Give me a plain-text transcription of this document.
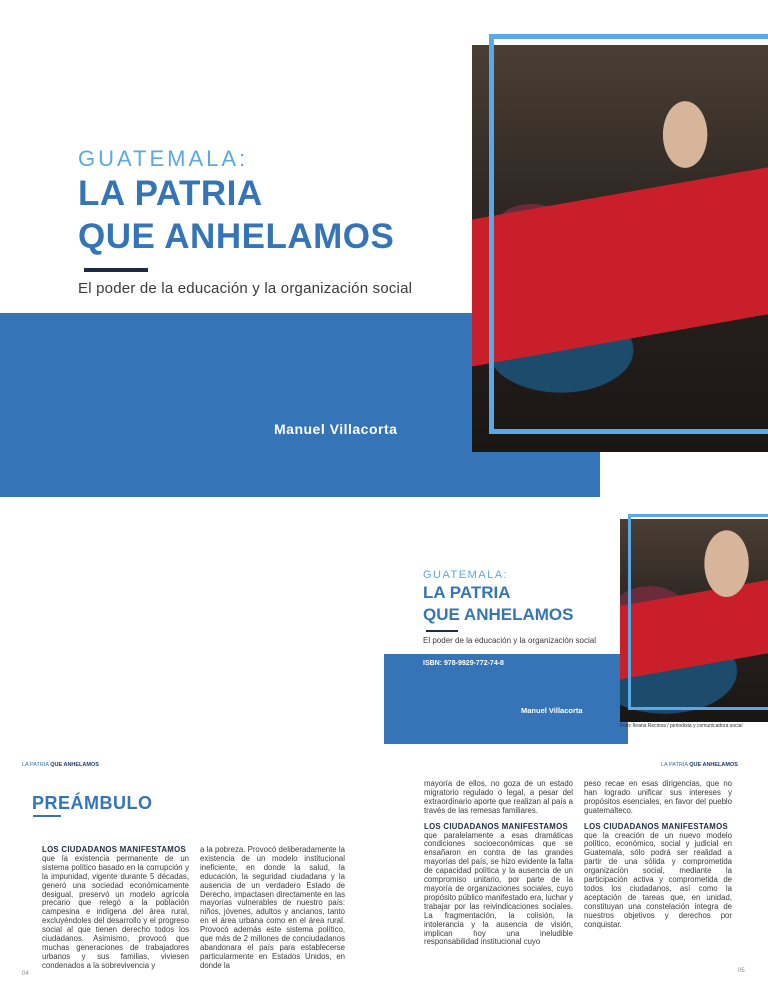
GUATEMALA:
LA PATRIA
QUE ANHELAMOS
El poder de la educación y la organización social
Manuel Villacorta
GUATEMALA:
LA PATRIA
QUE ANHELAMOS
El poder de la educación y la organización social
ISBN: 978-9929-772-74-8
Manuel Villacorta
Foto: Ileana Recinos / periodista y comunicadora social
LA PATRIA QUE ANHELAMOS	LA PATRIA QUE ANHELAMOS
PREÁMBULO
LOS CIUDADANOS MANIFESTAMOS
que la existencia permanente de un sistema político basado en la corrupción y la impunidad, vigente durante 5 décadas, generó una sociedad económicamente desigual, preservó un modelo agrícola precario que relegó a la población campesina e indígena del área rural, excluyéndoles del desarrollo y el progreso social al que tienen derecho todos los ciudadanos. Asimismo, provocó que muchas generaciones de trabajadores urbanos y sus familias, viviesen condenados a la sobrevivencia y
a la pobreza. Provocó deliberadamente la existencia de un modelo institucional ineficiente, en donde la salud, la educación, la seguridad ciudadana y la ausencia de un verdadero Estado de Derecho, impactasen directamente en las mayorías vulnerables de nuestro país: niños, jóvenes, adultos y ancianos, tanto en el área urbana como en el área rural. Provocó además este sistema político, que más de 2 millones de conciudadanos abandonara el país para establecerse particularmente en Estados Unidos, en donde la

mayoría de ellos, no goza de un estado migratorio regulado o legal, a pesar del extraordinario aporte que realizan al país a través de las remesas familiares.

LOS CIUDADANOS MANIFESTAMOS
que paralelamente a esas dramáticas condiciones socioeconómicas que se ensañaron en contra de las grandes mayorías del país, se hizo evidente la falta de capacidad política y la ausencia de un compromiso unitario, por parte de la mayoría de organizaciones sociales, cuyo propósito público manifestado era, luchar y trabajar por las reivindicaciones sociales. La fragmentación, la colisión, la intolerancia y la ausencia de visión, implican hoy una ineludible responsabilidad institucional cuyo

peso recae en esas dirigencias, que no han logrado unificar sus intereses y propósitos esenciales, en favor del pueblo guatemalteco.

LOS CIUDADANOS MANIFESTAMOS
que la creación de un nuevo modelo político, económico, social y judicial en Guatemala, sólo podrá ser realidad a partir de una sólida y comprometida organización social, mediante la participación activa y comprometida de todos los ciudadanos, así como la aceptación de tareas que, en unidad, constituyan una constelación íntegra de nuestros objetivos y derechos por conquistar.
04	05
